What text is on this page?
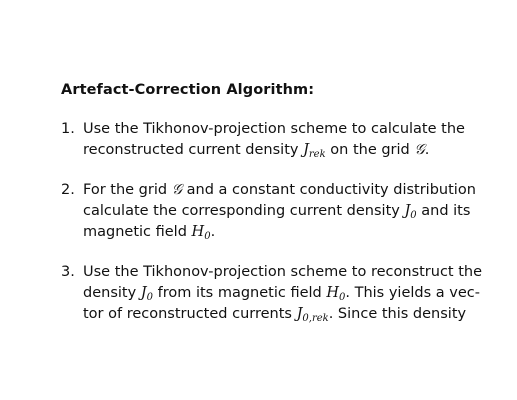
Artefact-Correction Algorithm:
1. Use the Tikhonov-projection scheme to calculate the
reconstructed current density $J_{rek}$ on the grid 𝒢.
2. For the grid 𝒢 and a constant conductivity distribution
calculate the corresponding current density $J_0$ and its
magnetic field $H_0$.
3. Use the Tikhonov-projection scheme to reconstruct the
density $J_0$ from its magnetic field $H_0$. This yields a vec-
tor of reconstructed currents $J_{0,rek}$. Since this density
